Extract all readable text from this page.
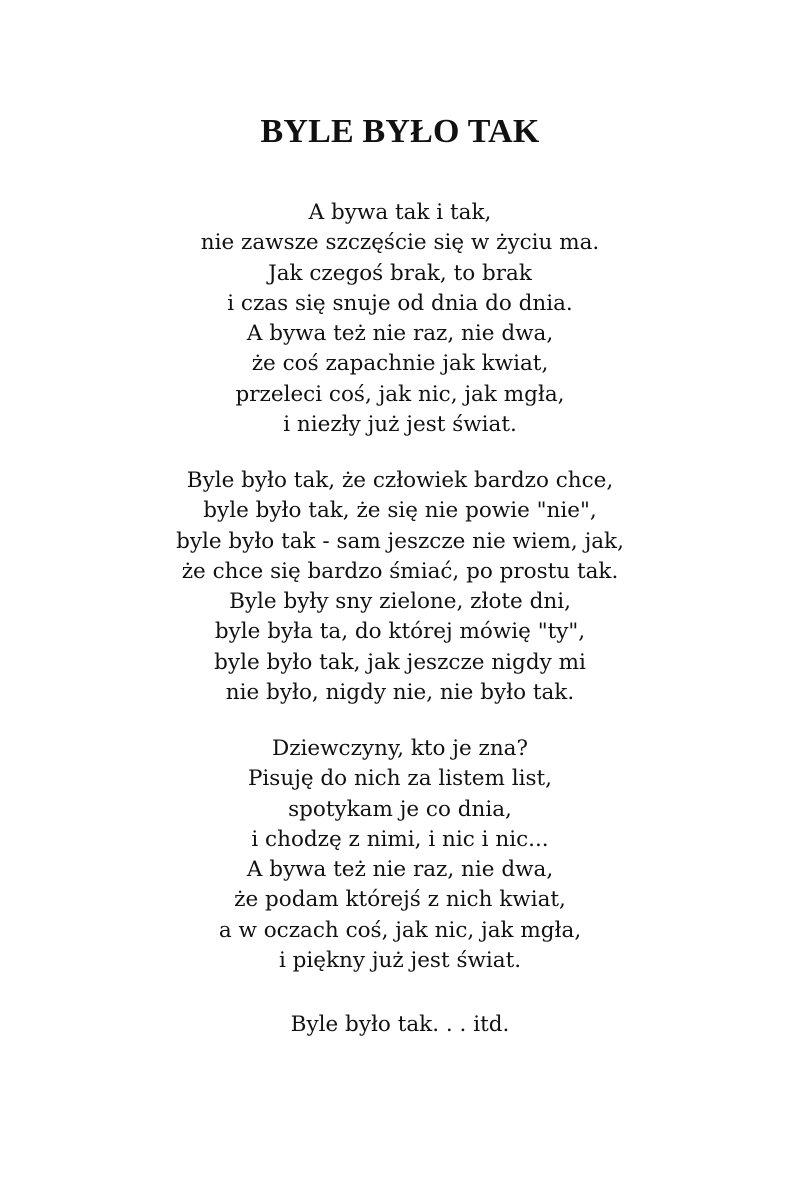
BYLE BYŁO TAK
A bywa tak i tak,
nie zawsze szczęście się w życiu ma.
Jak czegoś brak, to brak
i czas się snuje od dnia do dnia.
A bywa też nie raz, nie dwa,
że coś zapachnie jak kwiat,
przeleci coś, jak nic, jak mgła,
i niezły już jest świat.
Byle było tak, że człowiek bardzo chce,
byle było tak, że się nie powie "nie",
byle było tak - sam jeszcze nie wiem, jak,
że chce się bardzo śmiać, po prostu tak.
Byle były sny zielone, złote dni,
byle była ta, do której mówię "ty",
byle było tak, jak jeszcze nigdy mi
nie było, nigdy nie, nie było tak.
Dziewczyny, kto je zna?
Pisuję do nich za listem list,
spotykam je co dnia,
i chodzę z nimi, i nic i nic...
A bywa też nie raz, nie dwa,
że podam którejś z nich kwiat,
a w oczach coś, jak nic, jak mgła,
i piękny już jest świat.
Byle było tak. . . itd.
